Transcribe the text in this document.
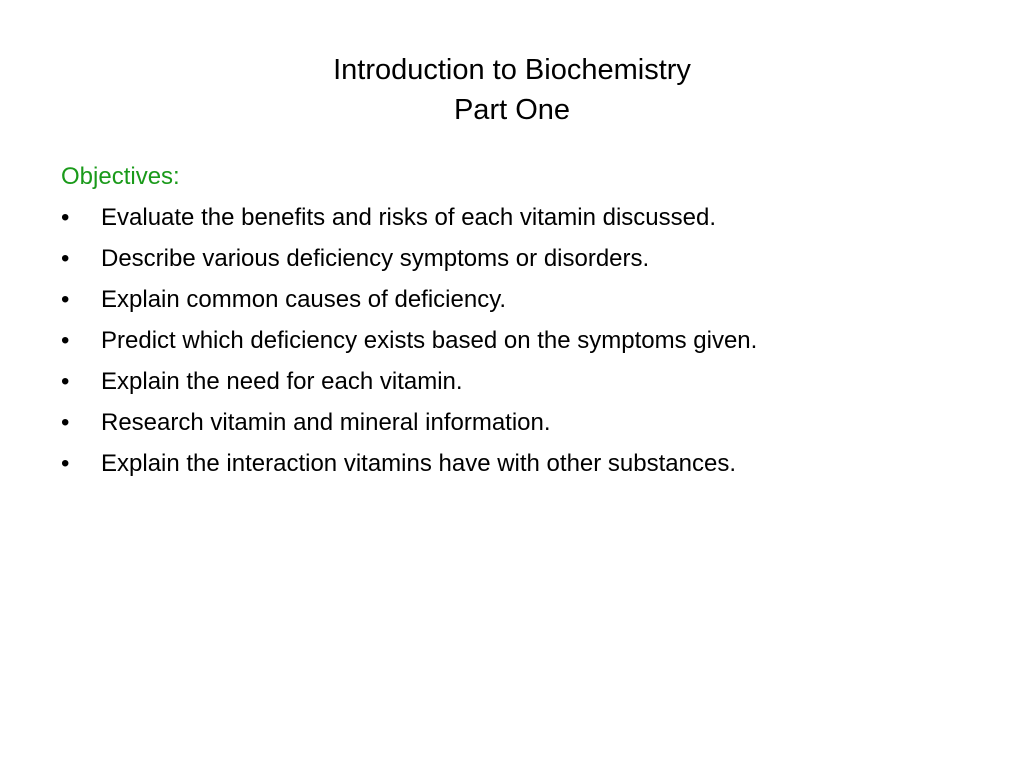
Introduction to Biochemistry
Part One
Objectives:
•	Evaluate the benefits and risks of each vitamin discussed.
•	Describe various deficiency symptoms or disorders.
•	Explain common causes of deficiency.
•	Predict which deficiency exists based on the symptoms given.
•	Explain the need for each vitamin.
•	Research vitamin and mineral information.
•	Explain the interaction vitamins have with other substances.
